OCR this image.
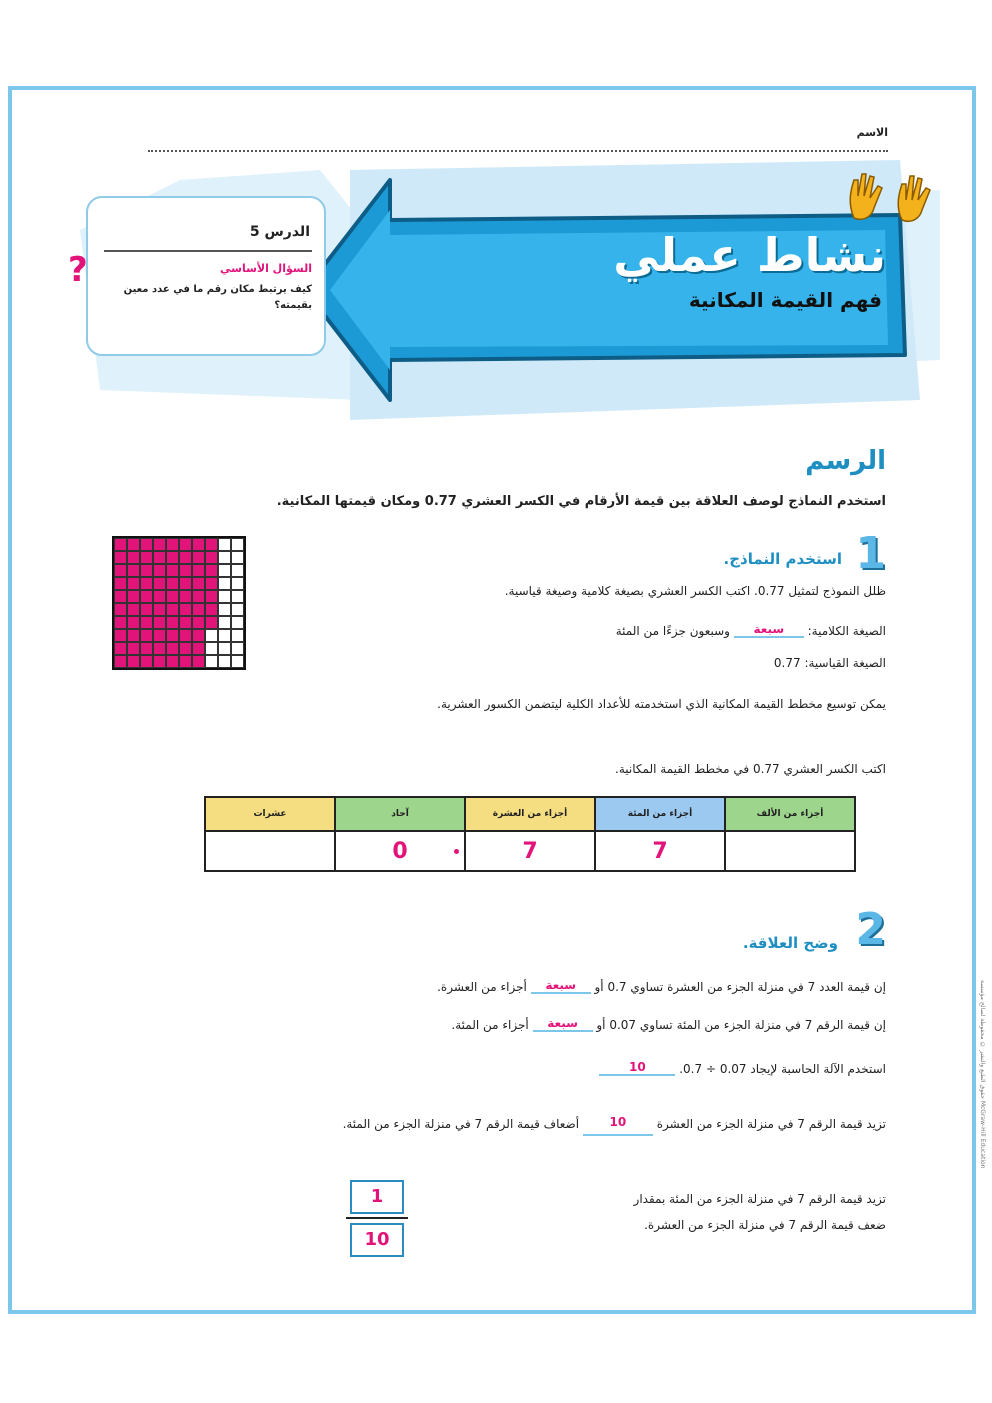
الاسم
الدرس 5
السؤال الأساسي
كيف يرتبط مكان رقم ما في عدد معين بقيمته؟
?	نشاط عملي
فهم القيمة المكانية
الرسم
استخدم النماذج لوصف العلاقة بين قيمة الأرقام في الكسر العشري 0.77 ومكان قيمتها المكانية.
1
استخدم النماذج.
ظلل النموذج لتمثيل 0.77. اكتب الكسر العشري بصيغة كلامية وصيغة قياسية.
الصيغة الكلامية: سبعة وسبعون جزءًا من المئة
الصيغة القياسية: 0.77
يمكن توسيع مخطط القيمة المكانية الذي استخدمته للأعداد الكلية ليتضمن الكسور العشرية.
اكتب الكسر العشري 0.77 في مخطط القيمة المكانية.
أجزاء من الألف	أجزاء من المئة	أجزاء من العشرة	آحاد	عشرات
	7	7	0	
2
وضح العلاقة.
إن قيمة العدد 7 في منزلة الجزء من العشرة تساوي 0.7 أو سبعة أجزاء من العشرة.
إن قيمة الرقم 7 في منزلة الجزء من المئة تساوي 0.07 أو سبعة أجزاء من المئة.
استخدم الآلة الحاسبة لإيجاد 0.07 ÷ 0.7. 10
تزيد قيمة الرقم 7 في منزلة الجزء من العشرة 10 أضعاف قيمة الرقم 7 في منزلة الجزء من المئة.
تزيد قيمة الرقم 7 في منزلة الجزء من المئة بمقدار
ضعف قيمة الرقم 7 في منزلة الجزء من العشرة.
1
10
حقوق الطبع والنشر © محفوظة لصالح مؤسسة McGraw-Hill Education
